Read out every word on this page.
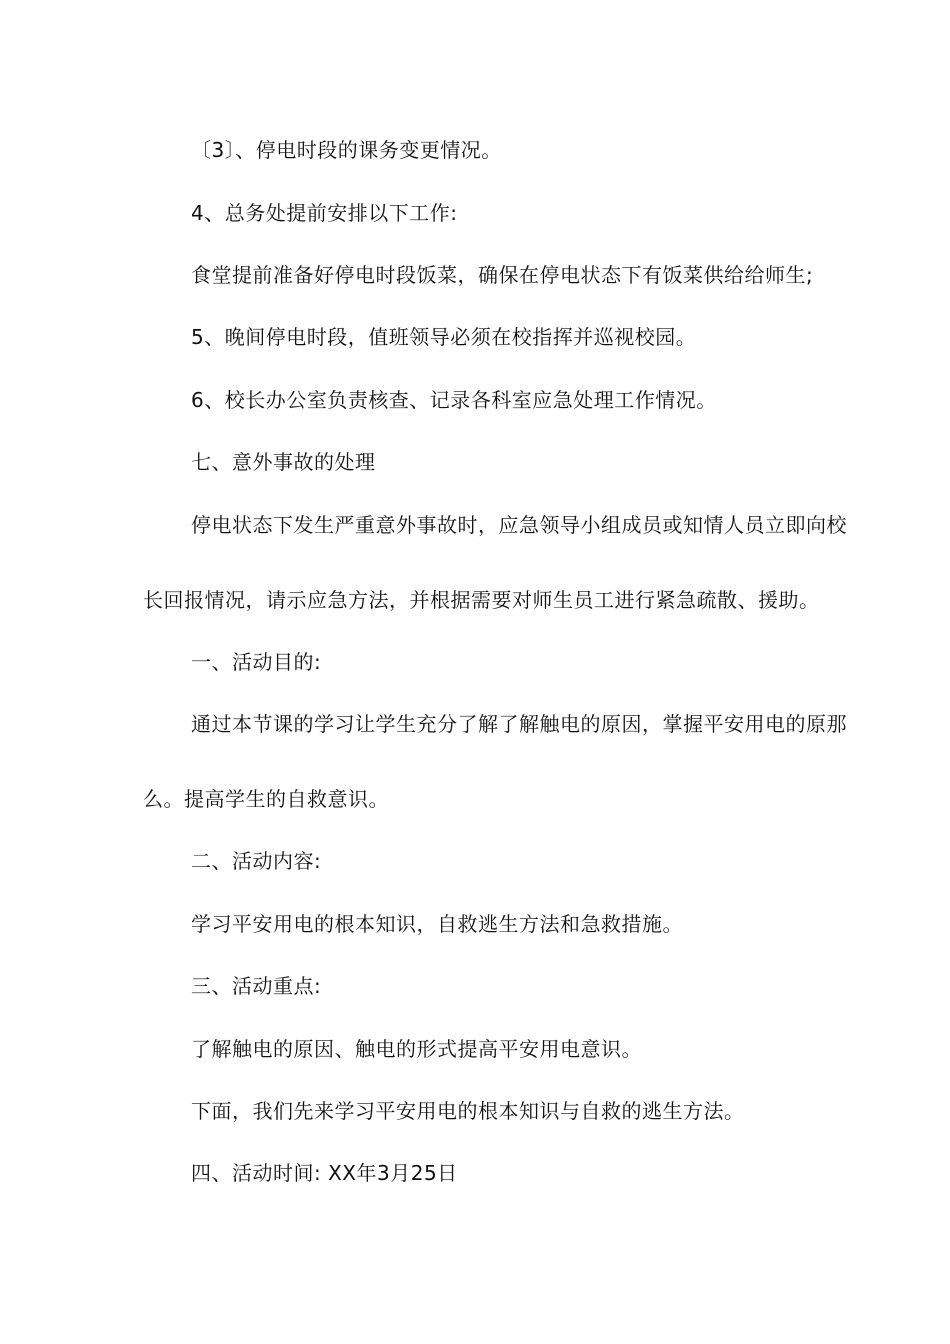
〔3〕、停电时段的课务变更情况。
4、总务处提前安排以下工作:
食堂提前准备好停电时段饭菜，确保在停电状态下有饭菜供给给师生;
5、晚间停电时段，值班领导必须在校指挥并巡视校园。
6、校长办公室负责核查、记录各科室应急处理工作情况。
七、意外事故的处理
停电状态下发生严重意外事故时，应急领导小组成员或知情人员立即向校
长回报情况，请示应急方法，并根据需要对师生员工进行紧急疏散、援助。
一、活动目的:
通过本节课的学习让学生充分了解了解触电的原因，掌握平安用电的原那
么。提高学生的自救意识。
二、活动内容:
学习平安用电的根本知识，自救逃生方法和急救措施。
三、活动重点:
了解触电的原因、触电的形式提高平安用电意识。
下面，我们先来学习平安用电的根本知识与自救的逃生方法。
四、活动时间: XX年3月25日
